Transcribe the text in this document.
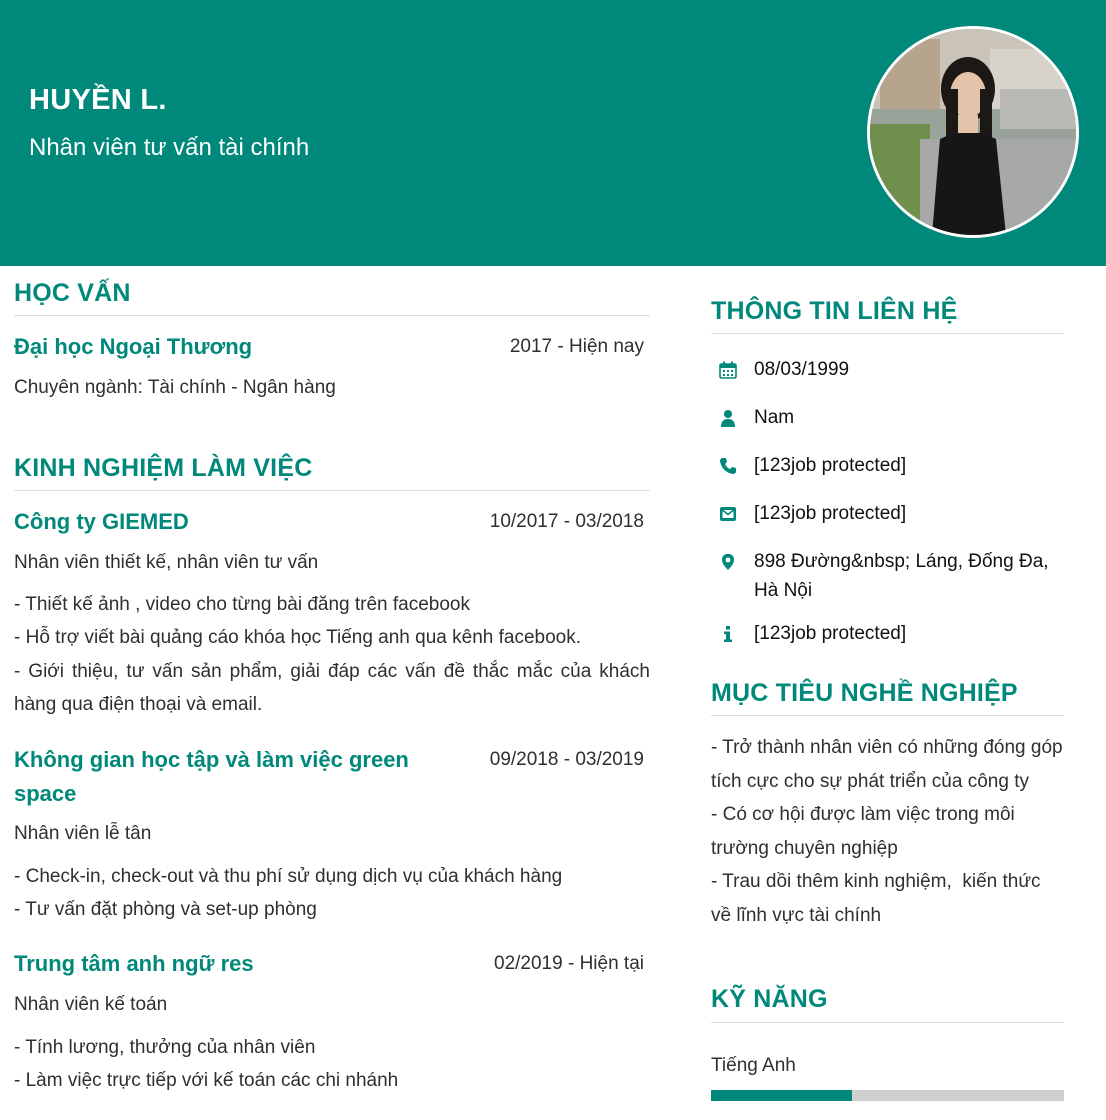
HUYỀN L.
Nhân viên tư vấn tài chính
HỌC VẤN
Đại học Ngoại Thương	2017 - Hiện nay
Chuyên ngành: Tài chính - Ngân hàng
KINH NGHIỆM LÀM VIỆC
Công ty GIEMED	10/2017 - 03/2018
Nhân viên thiết kế, nhân viên tư vấn
- Thiết kế ảnh , video cho từng bài đăng trên facebook
- Hỗ trợ viết bài quảng cáo khóa học Tiếng anh qua kênh facebook.
- Giới thiệu, tư vấn sản phẩm, giải đáp các vấn đề thắc mắc của khách hàng qua điện thoại và email.
Không gian học tập và làm việc green space
09/2018 - 03/2019
Nhân viên lễ tân
- Check-in, check-out và thu phí sử dụng dịch vụ của khách hàng
- Tư vấn đặt phòng và set-up phòng
Trung tâm anh ngữ res	02/2019 - Hiện tại
Nhân viên kế toán
- Tính lương, thưởng của nhân viên
- Làm việc trực tiếp với kế toán các chi nhánh
THÔNG TIN LIÊN HỆ
08/03/1999
Nam
[123job protected]
[123job protected]
898 Đường&nbsp; Láng, Đống Đa, Hà Nội
[123job protected]
MỤC TIÊU NGHỀ NGHIỆP
- Trở thành nhân viên có những đóng góp tích cực cho sự phát triển của công ty
- Có cơ hội được làm việc trong môi trường chuyên nghiệp
- Trau dồi thêm kinh nghiệm,  kiến thức về lĩnh vực tài chính
KỸ NĂNG
Tiếng Anh
